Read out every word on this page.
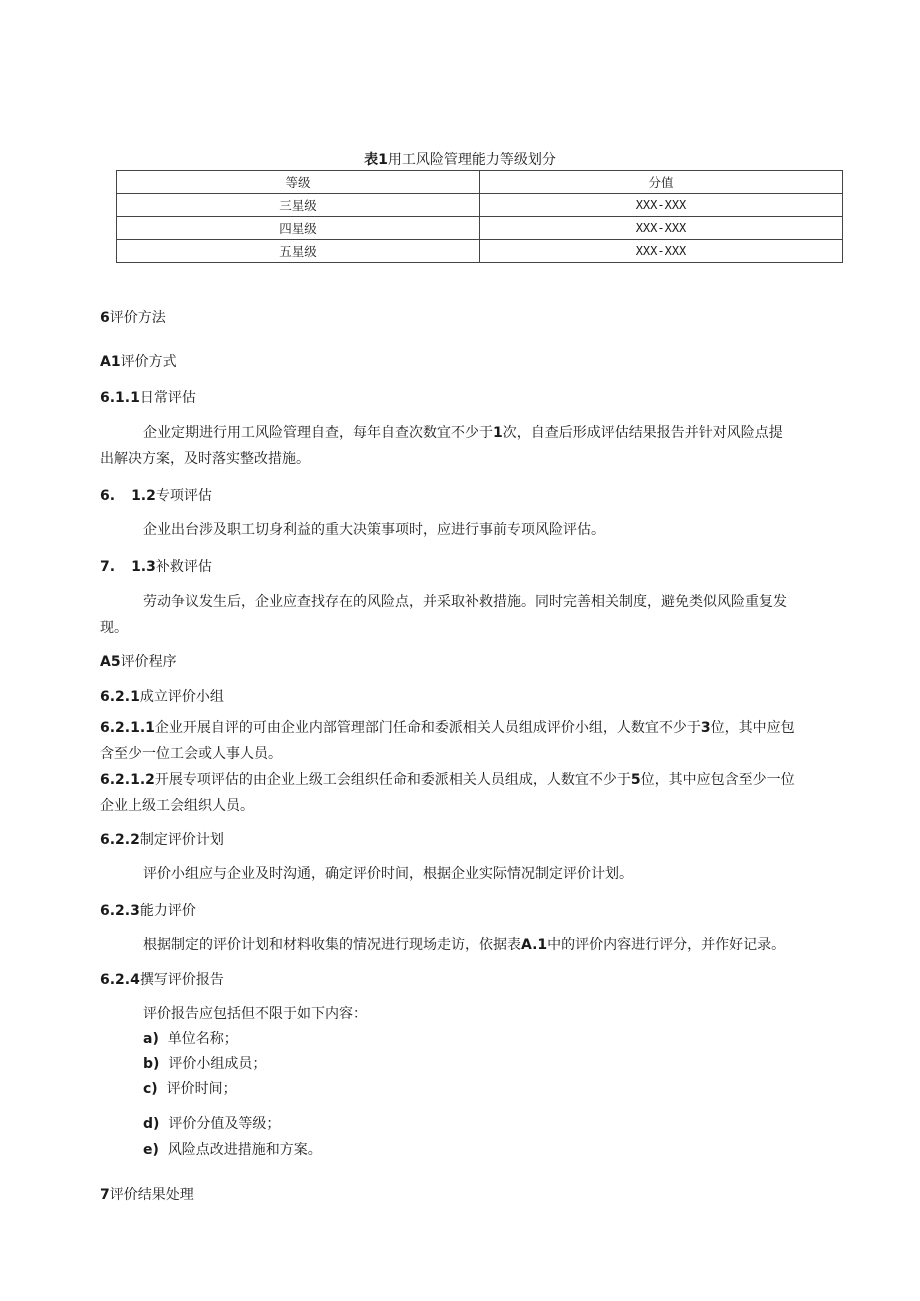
表1用工风险管理能力等级划分
等级	分值
三星级	XXX-XXX
四星级	XXX-XXX
五星级	XXX-XXX
6评价方法
A1评价方式
6.1.1日常评估
企业定期进行用工风险管理自查，每年自查次数宜不少于1次，自查后形成评估结果报告并针对风险点提
出解决方案，及时落实整改措施。
6. 1.2专项评估
企业出台涉及职工切身利益的重大决策事项时，应进行事前专项风险评估。
7. 1.3补救评估
劳动争议发生后，企业应查找存在的风险点，并采取补救措施。同时完善相关制度，避免类似风险重复发
现。
A5评价程序
6.2.1成立评价小组
6.2.1.1企业开展自评的可由企业内部管理部门任命和委派相关人员组成评价小组，人数宜不少于3位，其中应包
含至少一位工会或人事人员。
6.2.1.2开展专项评估的由企业上级工会组织任命和委派相关人员组成，人数宜不少于5位，其中应包含至少一位
企业上级工会组织人员。
6.2.2制定评价计划
评价小组应与企业及时沟通，确定评价时间，根据企业实际情况制定评价计划。
6.2.3能力评价
根据制定的评价计划和材料收集的情况进行现场走访，依据表A.1中的评价内容进行评分，并作好记录。
6.2.4撰写评价报告
评价报告应包括但不限于如下内容：
a) 单位名称；
b) 评价小组成员；
c) 评价时间；
d) 评价分值及等级；
e) 风险点改进措施和方案。
7评价结果处理
